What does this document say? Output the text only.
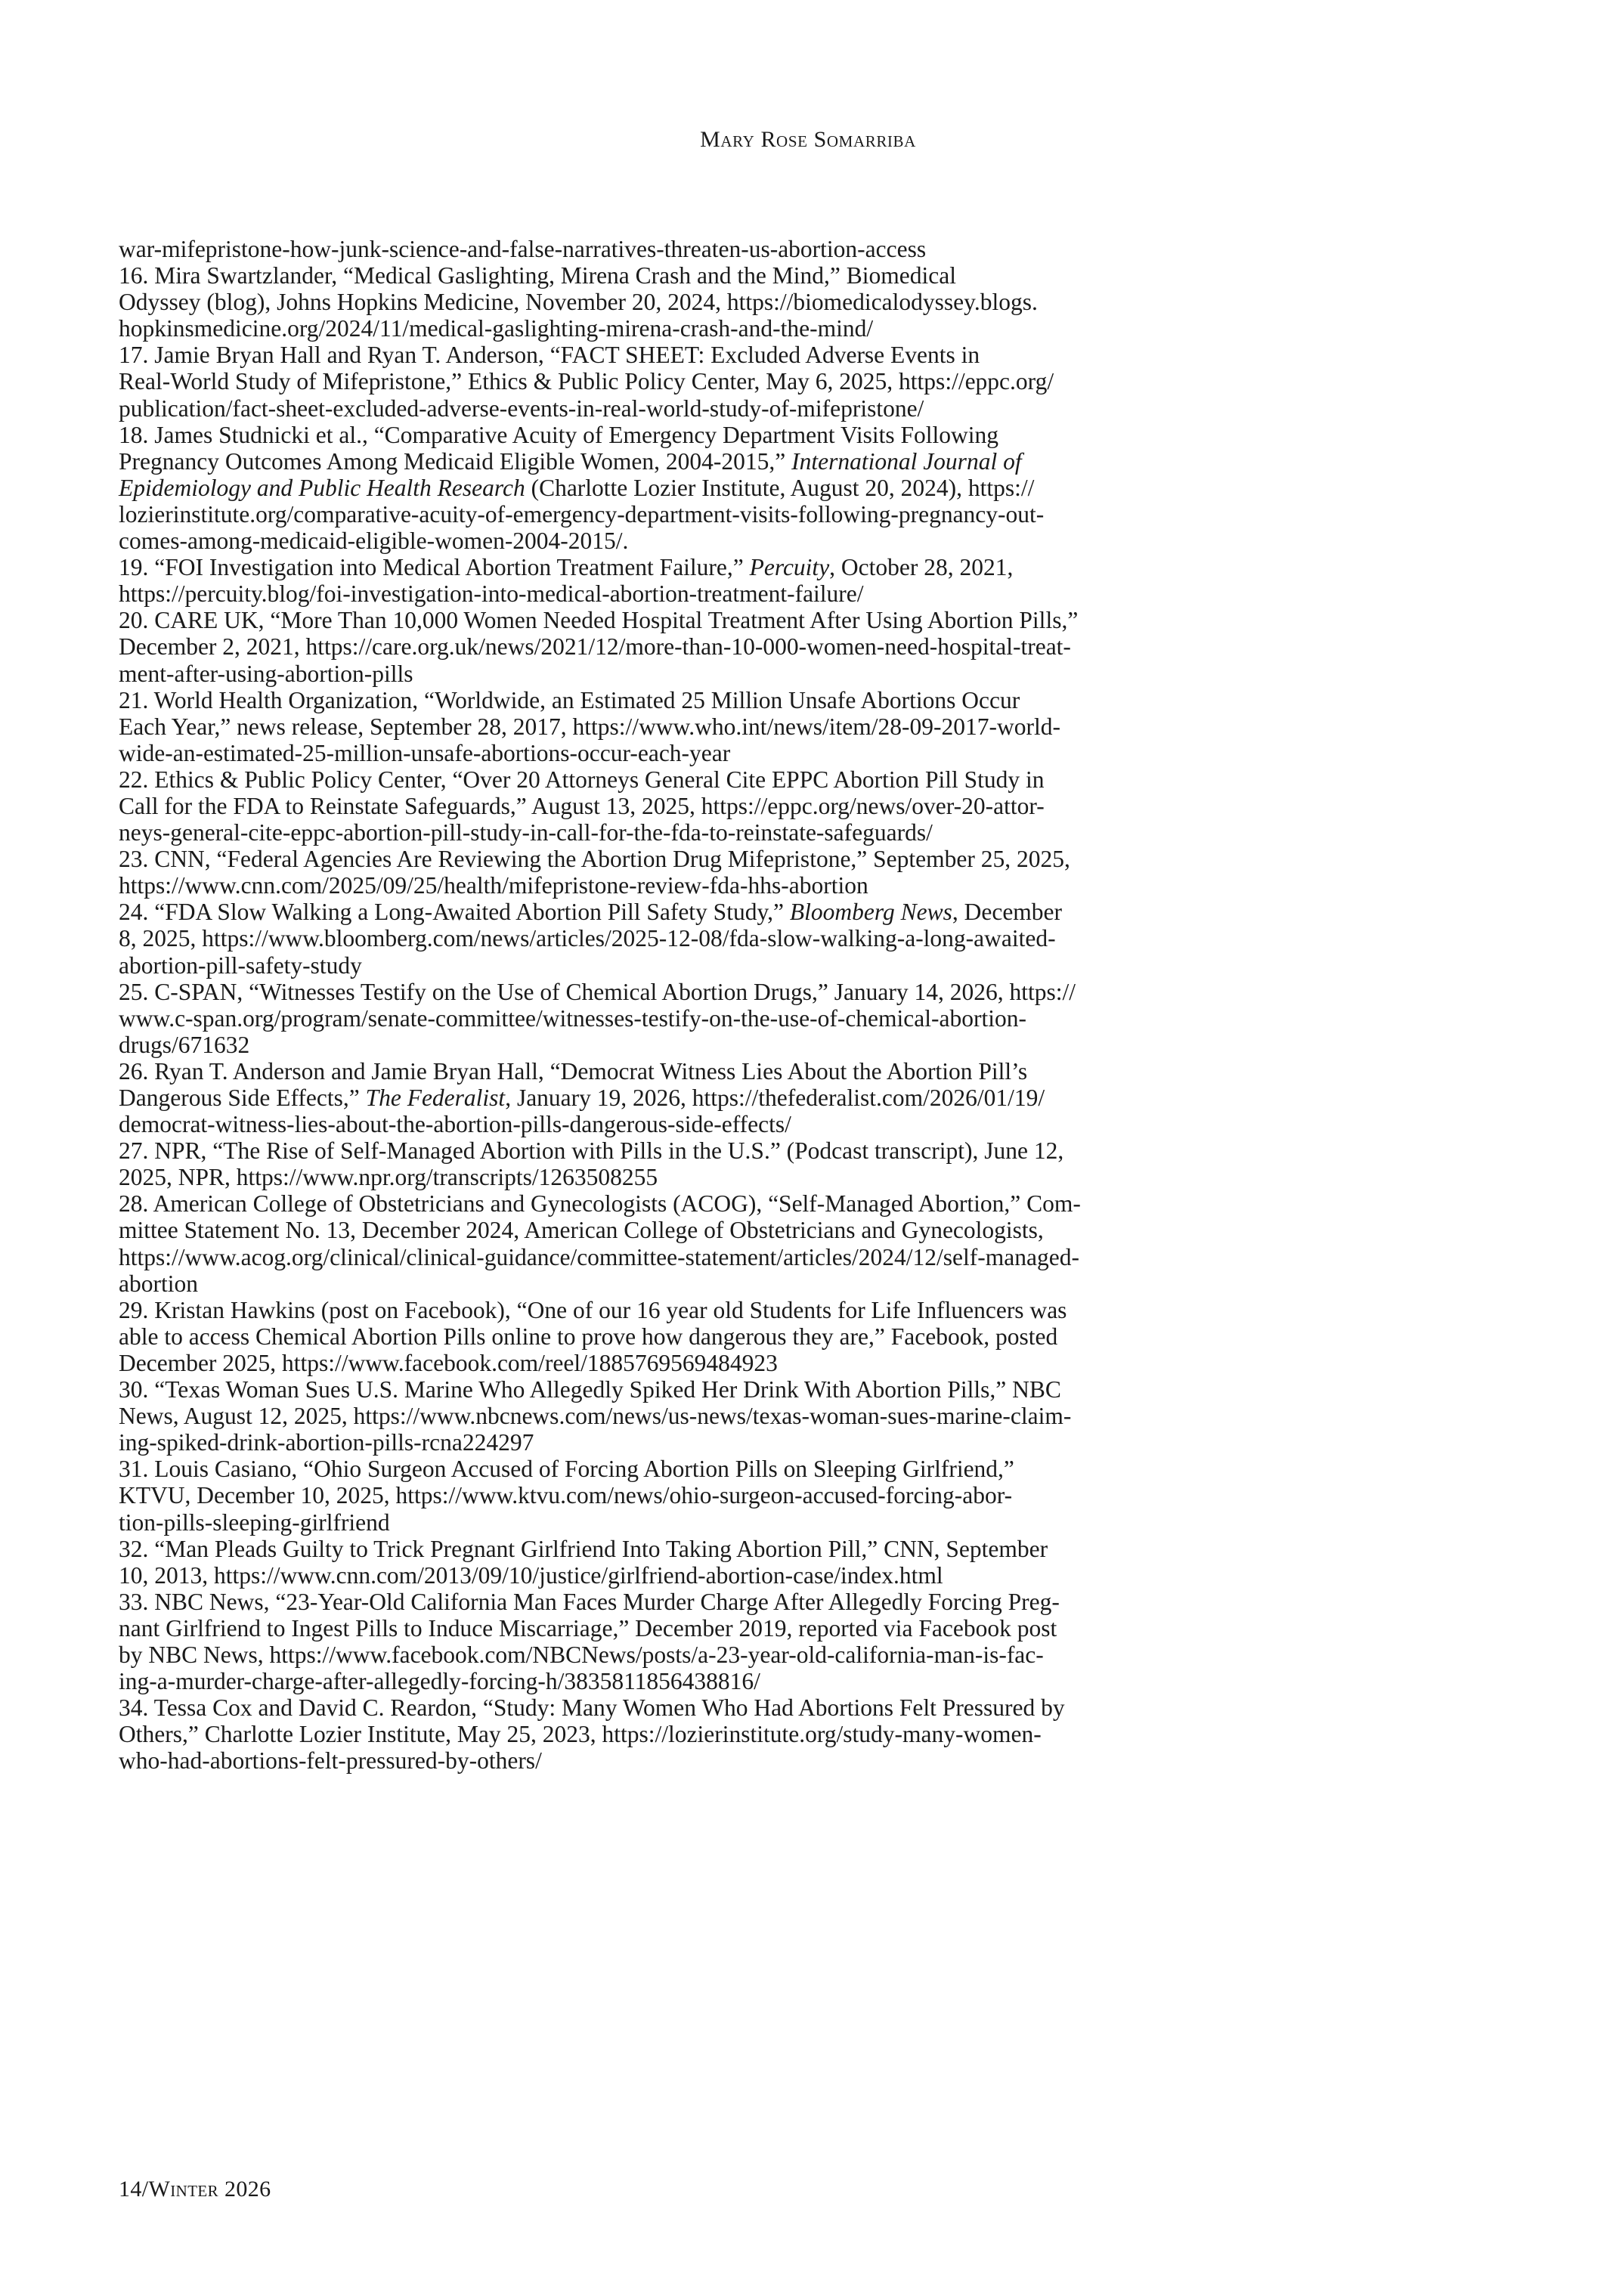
Mary Rose Somarriba
war-mifepristone-how-junk-science-and-false-narratives-threaten-us-abortion-access
16. Mira Swartzlander, “Medical Gaslighting, Mirena Crash and the Mind,” Biomedical
Odyssey (blog), Johns Hopkins Medicine, November 20, 2024, https://biomedicalodyssey.blogs.
hopkinsmedicine.org/2024/11/medical-gaslighting-mirena-crash-and-the-mind/
17. Jamie Bryan Hall and Ryan T. Anderson, “FACT SHEET: Excluded Adverse Events in
Real-World Study of Mifepristone,” Ethics & Public Policy Center, May 6, 2025, https://eppc.org/
publication/fact-sheet-excluded-adverse-events-in-real-world-study-of-mifepristone/
18. James Studnicki et al., “Comparative Acuity of Emergency Department Visits Following
Pregnancy Outcomes Among Medicaid Eligible Women, 2004-2015,” International Journal of
Epidemiology and Public Health Research (Charlotte Lozier Institute, August 20, 2024), https://
lozierinstitute.org/comparative-acuity-of-emergency-department-visits-following-pregnancy-out-
comes-among-medicaid-eligible-women-2004-2015/.
19. “FOI Investigation into Medical Abortion Treatment Failure,” Percuity, October 28, 2021,
https://percuity.blog/foi-investigation-into-medical-abortion-treatment-failure/
20. CARE UK, “More Than 10,000 Women Needed Hospital Treatment After Using Abortion Pills,”
December 2, 2021, https://care.org.uk/news/2021/12/more-than-10-000-women-need-hospital-treat-
ment-after-using-abortion-pills
21. World Health Organization, “Worldwide, an Estimated 25 Million Unsafe Abortions Occur
Each Year,” news release, September 28, 2017, https://www.who.int/news/item/28-09-2017-world-
wide-an-estimated-25-million-unsafe-abortions-occur-each-year
22. Ethics & Public Policy Center, “Over 20 Attorneys General Cite EPPC Abortion Pill Study in
Call for the FDA to Reinstate Safeguards,” August 13, 2025, https://eppc.org/news/over-20-attor-
neys-general-cite-eppc-abortion-pill-study-in-call-for-the-fda-to-reinstate-safeguards/
23. CNN, “Federal Agencies Are Reviewing the Abortion Drug Mifepristone,” September 25, 2025,
https://www.cnn.com/2025/09/25/health/mifepristone-review-fda-hhs-abortion
24. “FDA Slow Walking a Long-Awaited Abortion Pill Safety Study,” Bloomberg News, December
8, 2025, https://www.bloomberg.com/news/articles/2025-12-08/fda-slow-walking-a-long-awaited-
abortion-pill-safety-study
25. C-SPAN, “Witnesses Testify on the Use of Chemical Abortion Drugs,” January 14, 2026, https://
www.c-span.org/program/senate-committee/witnesses-testify-on-the-use-of-chemical-abortion-
drugs/671632
26. Ryan T. Anderson and Jamie Bryan Hall, “Democrat Witness Lies About the Abortion Pill’s
Dangerous Side Effects,” The Federalist, January 19, 2026, https://thefederalist.com/2026/01/19/
democrat-witness-lies-about-the-abortion-pills-dangerous-side-effects/
27. NPR, “The Rise of Self-Managed Abortion with Pills in the U.S.” (Podcast transcript), June 12,
2025, NPR, https://www.npr.org/transcripts/1263508255
28. American College of Obstetricians and Gynecologists (ACOG), “Self-Managed Abortion,” Com-
mittee Statement No. 13, December 2024, American College of Obstetricians and Gynecologists,
https://www.acog.org/clinical/clinical-guidance/committee-statement/articles/2024/12/self-managed-
abortion
29. Kristan Hawkins (post on Facebook), “One of our 16 year old Students for Life Influencers was
able to access Chemical Abortion Pills online to prove how dangerous they are,” Facebook, posted
December 2025, https://www.facebook.com/reel/1885769569484923
30. “Texas Woman Sues U.S. Marine Who Allegedly Spiked Her Drink With Abortion Pills,” NBC
News, August 12, 2025, https://www.nbcnews.com/news/us-news/texas-woman-sues-marine-claim-
ing-spiked-drink-abortion-pills-rcna224297
31. Louis Casiano, “Ohio Surgeon Accused of Forcing Abortion Pills on Sleeping Girlfriend,”
KTVU, December 10, 2025, https://www.ktvu.com/news/ohio-surgeon-accused-forcing-abor-
tion-pills-sleeping-girlfriend
32. “Man Pleads Guilty to Trick Pregnant Girlfriend Into Taking Abortion Pill,” CNN, September
10, 2013, https://www.cnn.com/2013/09/10/justice/girlfriend-abortion-case/index.html
33. NBC News, “23-Year-Old California Man Faces Murder Charge After Allegedly Forcing Preg-
nant Girlfriend to Ingest Pills to Induce Miscarriage,” December 2019, reported via Facebook post
by NBC News, https://www.facebook.com/NBCNews/posts/a-23-year-old-california-man-is-fac-
ing-a-murder-charge-after-allegedly-forcing-h/3835811856438816/
34. Tessa Cox and David C. Reardon, “Study: Many Women Who Had Abortions Felt Pressured by
Others,” Charlotte Lozier Institute, May 25, 2023, https://lozierinstitute.org/study-many-women-
who-had-abortions-felt-pressured-by-others/
14/Winter 2026
